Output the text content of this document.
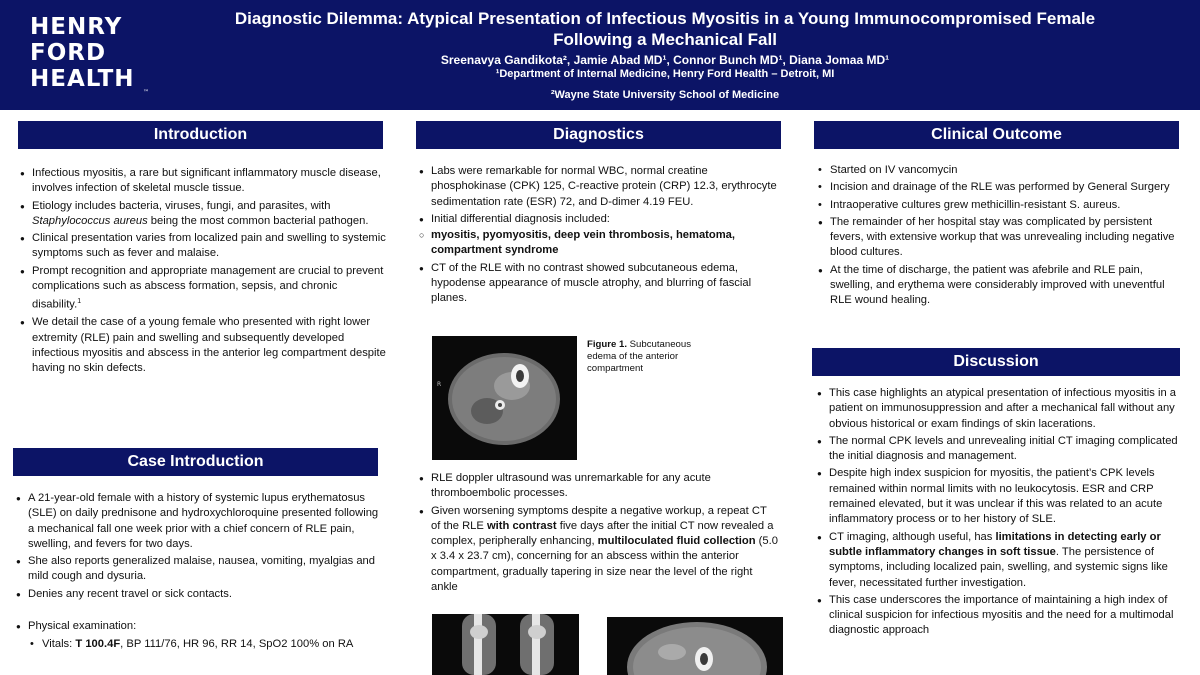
HENRY
FORD
HEALTH
™
Diagnostic Dilemma: Atypical Presentation of Infectious Myositis in a Young Immunocompromised Female
Following a Mechanical Fall
Sreenavya Gandikota², Jamie Abad MD¹, Connor Bunch MD¹, Diana Jomaa MD¹
¹Department of Internal Medicine, Henry Ford Health – Detroit, MI
²Wayne State University School of Medicine
Introduction	Diagnostics	Clinical Outcome
Case Introduction
Discussion
● Infectious myositis, a rare but significant inflammatory muscle disease, involves infection of skeletal muscle tissue.
● Etiology includes bacteria, viruses, fungi, and parasites, with Staphylococcus aureus being the most common bacterial pathogen.
● Clinical presentation varies from localized pain and swelling to systemic symptoms such as fever and malaise.
● Prompt recognition and appropriate management are crucial to prevent complications such as abscess formation, sepsis, and chronic disability.$^1$
● We detail the case of a young female who presented with right lower extremity (RLE) pain and swelling and subsequently developed infectious myositis and abscess in the anterior leg compartment despite having no skin defects.
● A 21-year-old female with a history of systemic lupus erythematosus (SLE) on daily prednisone and hydroxychloroquine presented following a mechanical fall one week prior with a chief concern of RLE pain, swelling, and fevers for two days.
● She also reports generalized malaise, nausea, vomiting, myalgias and mild cough and dysuria.
● Denies any recent travel or sick contacts.
● Physical examination:
• Vitals: T 100.4F, BP 111/76, HR 96, RR 14, SpO2 100% on RA
● Labs were remarkable for normal WBC, normal creatine phosphokinase (CPK) 125, C-reactive protein (CRP) 12.3, erythrocyte sedimentation rate (ESR) 72, and D-dimer 4.19 FEU.
● Initial differential diagnosis included:
○ myositis, pyomyositis, deep vein thrombosis, hematoma, compartment syndrome
● CT of the RLE with no contrast showed subcutaneous edema, hypodense appearance of muscle atrophy, and blurring of fascial planes.
R
Figure 1. Subcutaneous edema of the anterior compartment
● RLE doppler ultrasound was unremarkable for any acute thromboembolic processes.
● Given worsening symptoms despite a negative workup, a repeat CT of the RLE with contrast five days after the initial CT now revealed a complex, peripherally enhancing, multiloculated fluid collection (5.0 x 3.4 x 23.7 cm), concerning for an abscess within the anterior compartment, gradually tapering in size near the level of the right ankle
• Started on IV vancomycin
• Incision and drainage of the RLE was performed by General Surgery
• Intraoperative cultures grew methicillin-resistant S. aureus.
● The remainder of her hospital stay was complicated by persistent fevers, with extensive workup that was unrevealing including negative blood cultures.
● At the time of discharge, the patient was afebrile and RLE pain, swelling, and erythema were considerably improved with uneventful RLE wound healing.
● This case highlights an atypical presentation of infectious myositis in a patient on immunosuppression and after a mechanical fall without any obvious historical or exam findings of skin lacerations.
● The normal CPK levels and unrevealing initial CT imaging complicated the initial diagnosis and management.
● Despite high index suspicion for myositis, the patient’s CPK levels remained within normal limits with no leukocytosis. ESR and CRP remained elevated, but it was unclear if this was related to an acute inflammatory process or to her history of SLE.
● CT imaging, although useful, has limitations in detecting early or subtle inflammatory changes in soft tissue. The persistence of symptoms, including localized pain, swelling, and systemic signs like fever, necessitated further investigation.
● This case underscores the importance of maintaining a high index of clinical suspicion for infectious myositis and the need for a multimodal diagnostic approach
